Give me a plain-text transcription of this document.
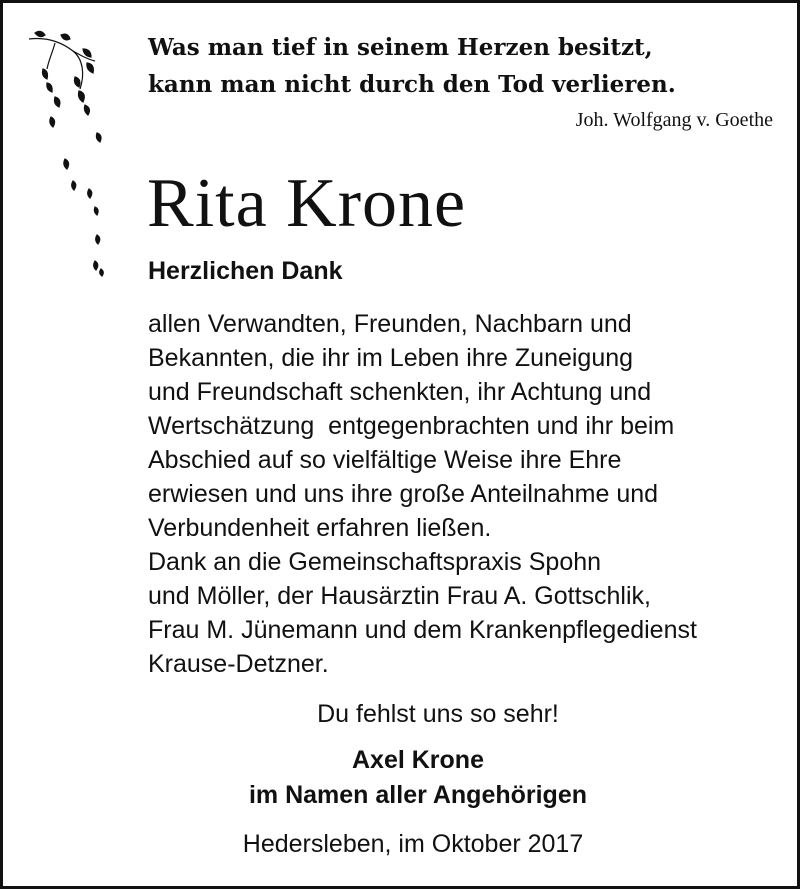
Was man tief in seinem Herzen besitzt,
kann man nicht durch den Tod verlieren.
Joh. Wolfgang v. Goethe
Rita Krone
Herzlichen Dank
allen Verwandten, Freunden, Nachbarn und
Bekannten, die ihr im Leben ihre Zuneigung
und Freundschaft schenkten, ihr Achtung und
Wertschätzung  entgegenbrachten und ihr beim
Abschied auf so vielfältige Weise ihre Ehre
erwiesen und uns ihre große Anteilnahme und
Verbundenheit erfahren ließen.
Dank an die Gemeinschaftspraxis Spohn
und Möller, der Hausärztin Frau A. Gottschlik,
Frau M. Jünemann und dem Krankenpflegedienst
Krause-Detzner.
Du fehlst uns so sehr!
Axel Krone
im Namen aller Angehörigen
Hedersleben, im Oktober 2017
